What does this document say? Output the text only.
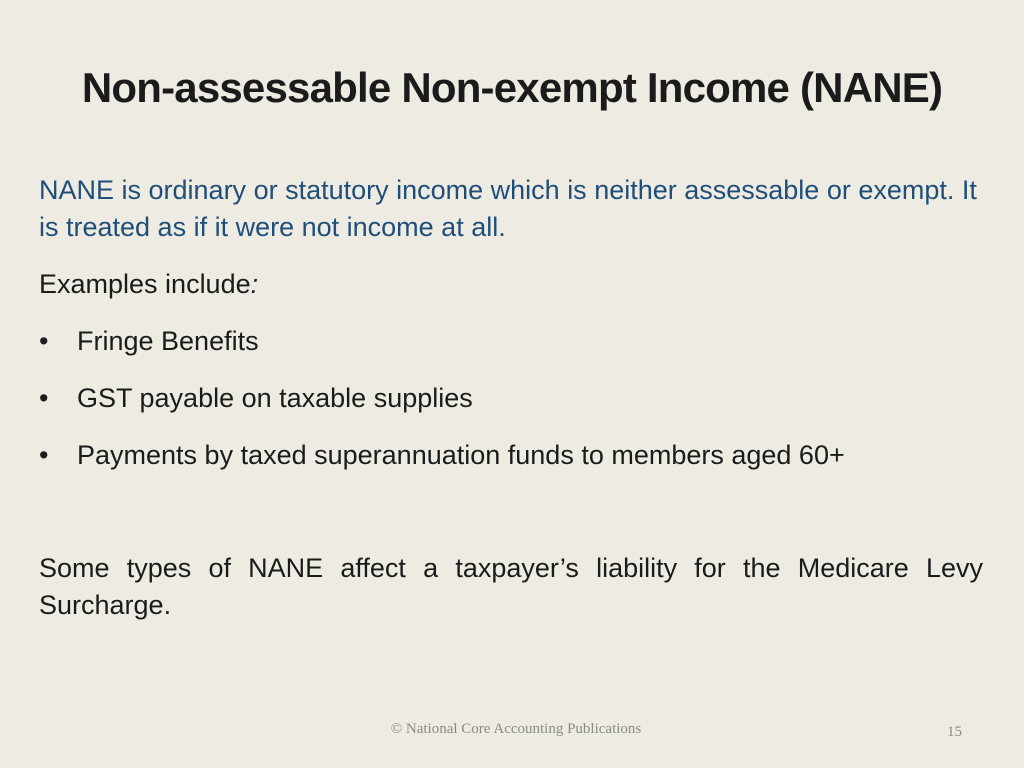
Non-assessable Non-exempt Income (NANE)

NANE is ordinary or statutory income which is neither assessable or exempt. It is treated as if it were not income at all.

Examples include:

• Fringe Benefits
• GST payable on taxable supplies
• Payments by taxed superannuation funds to members aged 60+

Some types of NANE affect a taxpayer’s liability for the Medicare Levy Surcharge.

© National Core Accounting Publications	15
